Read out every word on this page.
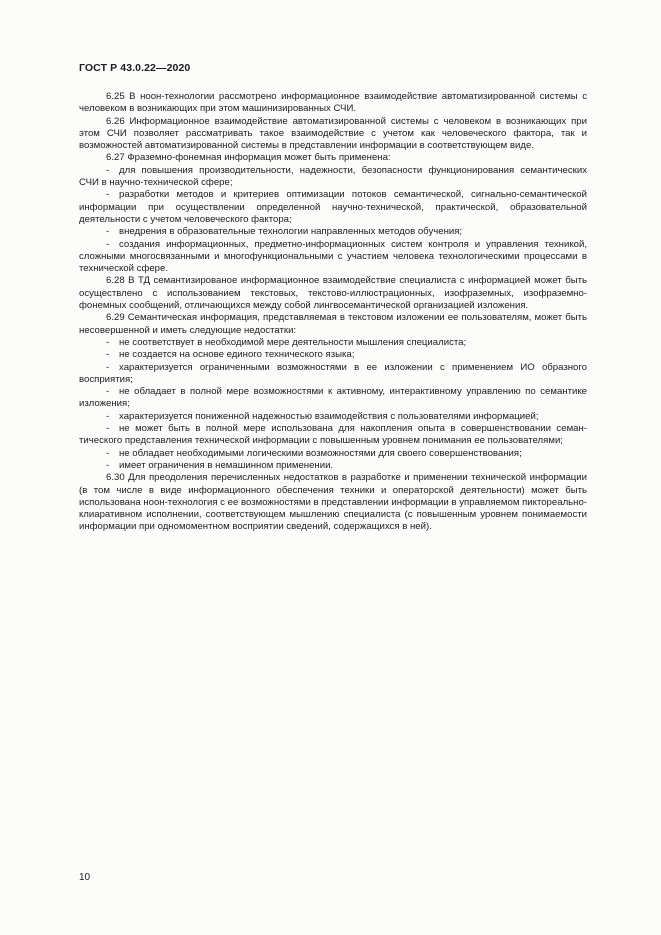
ГОСТ Р 43.0.22—2020

6.25 В ноон-технологии рассмотрено информационное взаимодействие автоматизированной системы с человеком в возникающих при этом машинизированных СЧИ.

6.26 Информационное взаимодействие автоматизированной системы с человеком в возникающих при этом СЧИ позволяет рассматривать такое взаимодействие с учетом как человеческого фактора, так и возможностей автоматизированной системы в представлении информации в соответствующем виде.

6.27 Фраземно-фонемная информация может быть применена:

- для повышения производительности, надежности, безопасности функционирования семантических СЧИ в научно-технической сфере;

- разработки методов и критериев оптимизации потоков семантической, сигнально-семантической информации при осуществлении определенной научно-технической, практической, образовательной деятельности с учетом человеческого фактора;

- внедрения в образовательные технологии направленных методов обучения;

- создания информационных, предметно-информационных систем контроля и управления техникой, сложными многосвязанными и многофункциональными с участием человека технологическими процессами в технической сфере.

6.28 В ТД семантизированое информационное взаимодействие специалиста с информацией может быть осуществлено с использованием текстовых, текстово-иллюстрационных, изофраземных, изофраземно-фонемных сообщений, отличающихся между собой лингвосемантической организацией изложения.

6.29 Семантическая информация, представляемая в текстовом изложении ее пользователям, может быть несовершенной и иметь следующие недостатки:

- не соответствует в необходимой мере деятельности мышления специалиста;

- не создается на основе единого технического языка;

- характеризуется ограниченными возможностями в ее изложении с применением ИО образного восприятия;

- не обладает в полной мере возможностями к активному, интерактивному управлению по семантике изложения;

- характеризуется пониженной надежностью взаимодействия с пользователями информацией;

- не может быть в полной мере использована для накопления опыта в совершенствовании семантического представления технической информации с повышенным уровнем понимания ее пользователями;

- не обладает необходимыми логическими возможностями для своего совершенствования;

- имеет ограничения в немашинном применении.

6.30 Для преодоления перечисленных недостатков в разработке и применении технической информации (в том числе в виде информационного обеспечения техники и операторской деятельности) может быть использована ноон-технология с ее возможностями в представлении информации в управляемом пиктореально-клиаративном исполнении, соответствующем мышлению специалиста (с повышенным уровнем понимаемости информации при одномоментном восприятии сведений, содержащихся в ней).

10
